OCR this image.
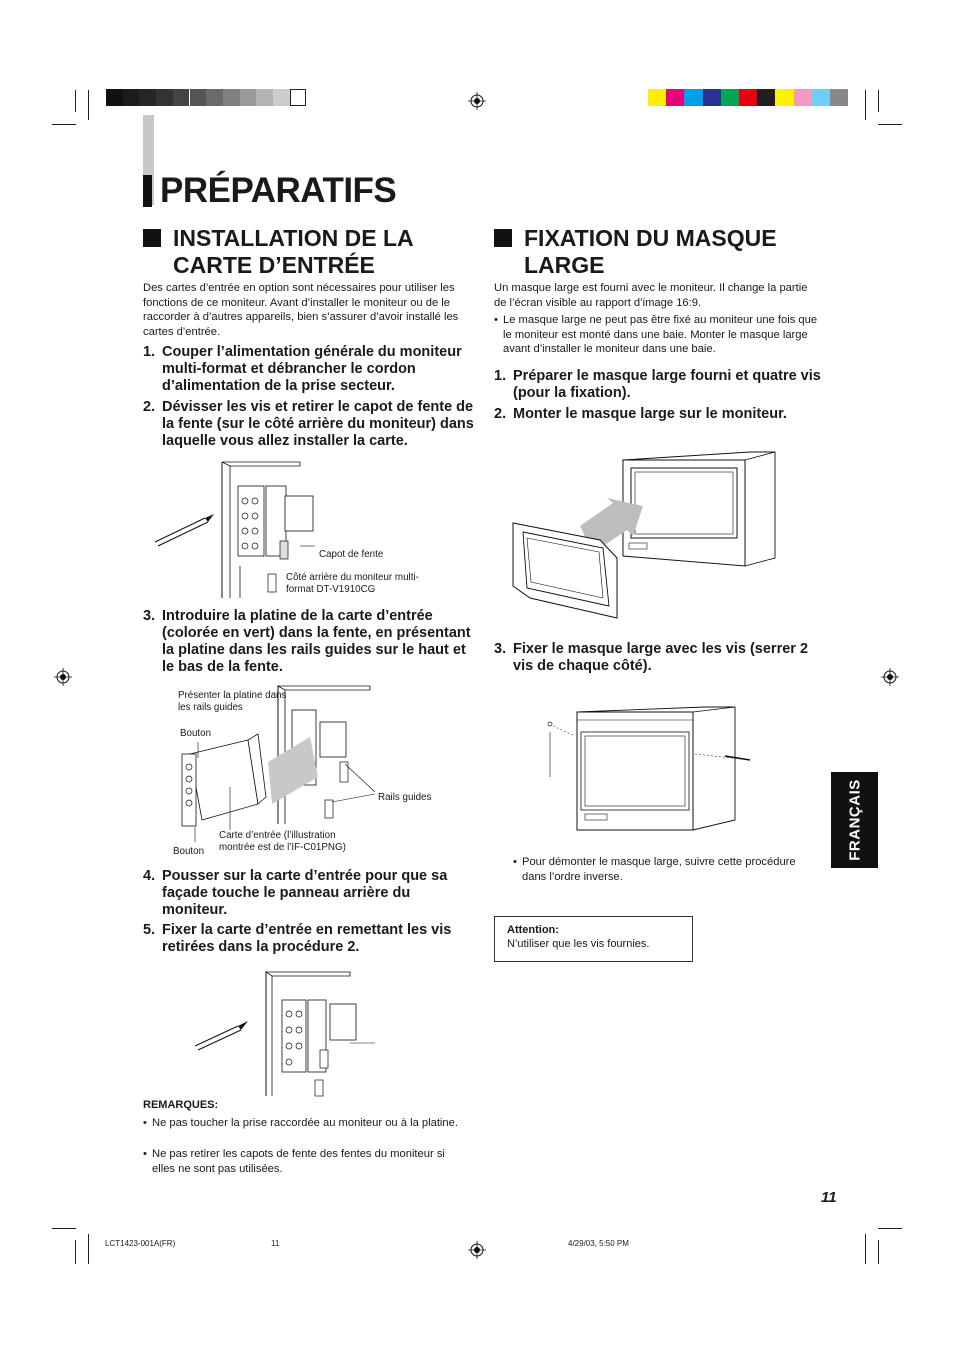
PRÉPARATIFS
INSTALLATION DE LA
CARTE D’ENTRÉE
Des cartes d’entrée en option sont nécessaires pour utiliser les fonctions de ce moniteur. Avant d’installer le moniteur ou de le raccorder à d’autres appareils, bien s’assurer d’avoir installé les cartes d’entrée.
1. Couper l’alimentation générale du moniteur multi-format et débrancher le cordon d’alimentation de la prise secteur.
2. Dévisser les vis et retirer le capot de fente de la fente (sur le côté arrière du moniteur) dans laquelle vous allez installer la carte.
Capot de fente
Côté arrière du moniteur multi-format DT-V1910CG
3. Introduire la platine de la carte d’entrée (colorée en vert) dans la fente, en présentant la platine dans les rails guides sur le haut et le bas de la fente.
Présenter la platine dans les rails guides
Bouton
Rails guides
Carte d’entrée (l’illustration montrée est de l’IF-C01PNG)
Bouton
4. Pousser sur la carte d’entrée pour que sa façade touche le panneau arrière du moniteur.
5. Fixer la carte d’entrée en remettant les vis retirées dans la procédure 2.
REMARQUES:
• Ne pas toucher la prise raccordée au moniteur ou à la platine.
• Ne pas retirer les capots de fente des fentes du moniteur si elles ne sont pas utilisées.
FIXATION DU MASQUE
LARGE
Un masque large est fourni avec le moniteur. Il change la partie de l’écran visible au rapport d’image 16:9.
• Le masque large ne peut pas être fixé au moniteur une fois que le moniteur est monté dans une baie. Monter le masque large avant d’installer le moniteur dans une baie.
1. Préparer le masque large fourni et quatre vis (pour la fixation).
2. Monter le masque large sur le moniteur.
3. Fixer le masque large avec les vis (serrer 2 vis de chaque côté).
• Pour démonter le masque large, suivre cette procédure dans l’ordre inverse.
Attention:
N’utiliser que les vis fournies.
FRANÇAIS
11
LCT1423-001A(FR)	11	4/29/03, 5:50 PM
